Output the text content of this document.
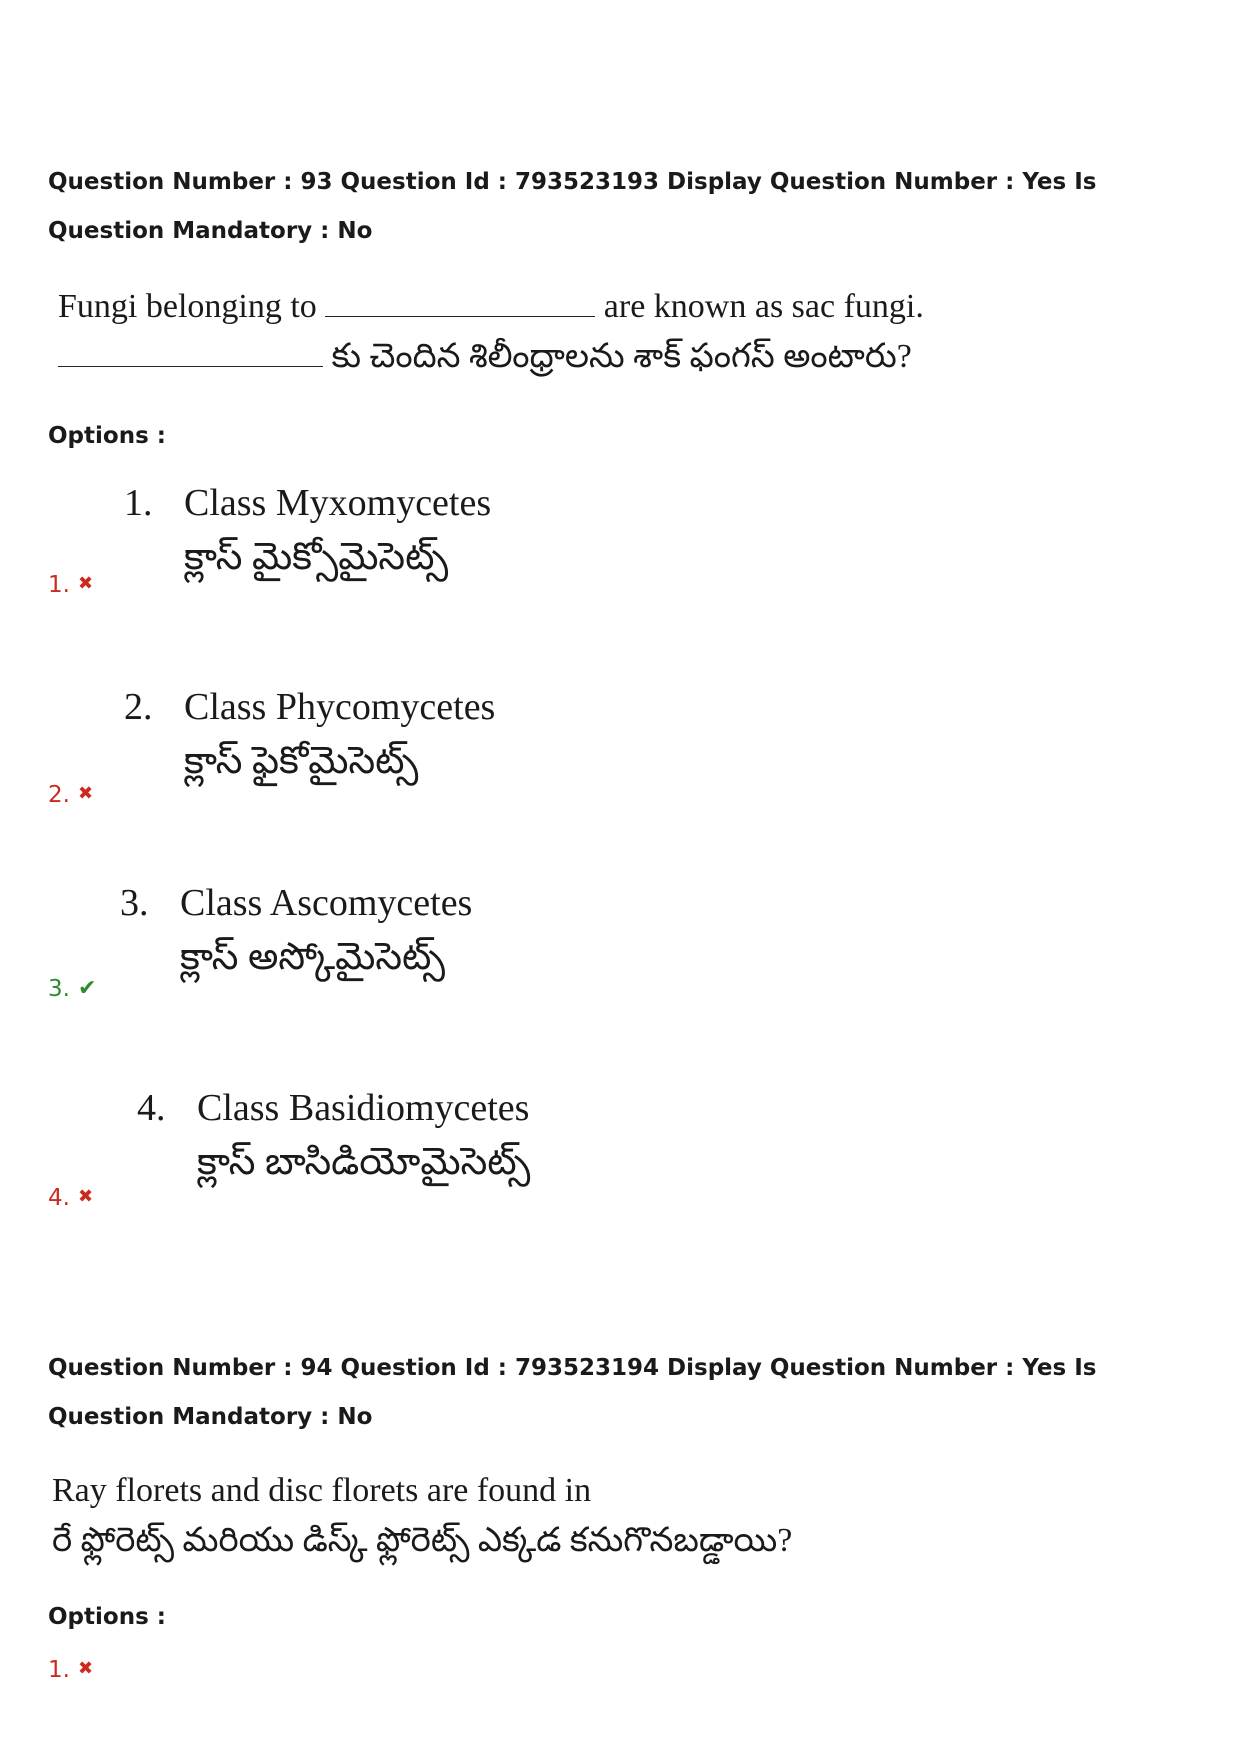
Question Number : 93 Question Id : 793523193 Display Question Number : Yes Is Question Mandatory : No
Fungi belonging to	are known as sac fungi.
కు చెందిన శిలీంధ్రాలను శాక్ ఫంగస్ అంటారు?
Options :
1. Class Myxomycetes
క్లాస్ మైక్సోమైసెట్స్
1. ✖
2. Class Phycomycetes
క్లాస్ ఫైకోమైసెట్స్
2. ✖
3. Class Ascomycetes
క్లాస్ అస్కోమైసెట్స్
3. ✔
4. Class Basidiomycetes
క్లాస్ బాసిడియోమైసెట్స్
4. ✖
Question Number : 94 Question Id : 793523194 Display Question Number : Yes Is Question Mandatory : No
Ray florets and disc florets are found in
రే ఫ్లోరెట్స్ మరియు డిస్క్ ఫ్లోరెట్స్ ఎక్కడ కనుగొనబడ్డాయి?
Options :
1. ✖
